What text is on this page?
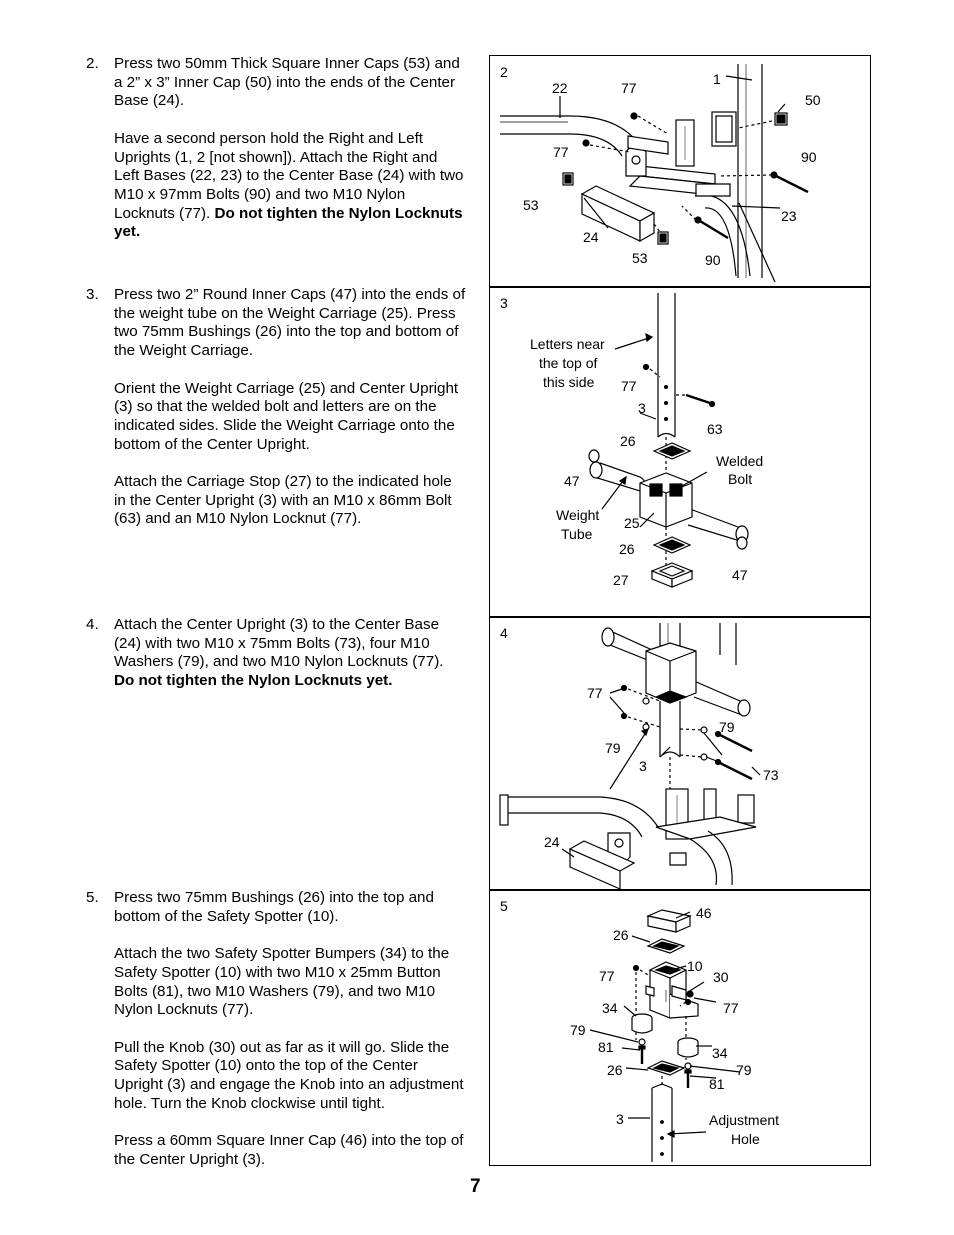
2. Press two 50mm Thick Square Inner Caps (53) and a 2” x 3” Inner Cap (50) into the ends of the Center Base (24).

Have a second person hold the Right and Left Uprights (1, 2 [not shown]). Attach the Right and Left Bases (22, 23) to the Center Base (24) with two M10 x 97mm Bolts (90) and two M10 Nylon Locknuts (77). Do not tighten the Nylon Locknuts yet.

3. Press two 2” Round Inner Caps (47) into the ends of the weight tube on the Weight Carriage (25). Press two 75mm Bushings (26) into the top and bottom of the Weight Carriage.

Orient the Weight Carriage (25) and Center Upright (3) so that the welded bolt and letters are on the indicated sides. Slide the Weight Carriage onto the bottom of the Center Upright.

Attach the Carriage Stop (27) to the indicated hole in the Center Upright (3) with an M10 x 86mm Bolt (63) and an M10 Nylon Locknut (77).

4. Attach the Center Upright (3) to the Center Base (24) with two M10 x 75mm Bolts (73), four M10 Washers (79), and two M10 Nylon Locknuts (77). Do not tighten the Nylon Locknuts yet.

5. Press two 75mm Bushings (26) into the top and bottom of the Safety Spotter (10).

Attach the two Safety Spotter Bumpers (34) to the Safety Spotter (10) with two M10 x 25mm Button Bolts (81), two M10 Washers (79), and two M10 Nylon Locknuts (77).

Pull the Knob (30) out as far as it will go. Slide the Safety Spotter (10) onto the top of the Center Upright (3) and engage the Knob into an adjustment hole. Turn the Knob clockwise until tight.

Press a 60mm Square Inner Cap (46) into the top of the Center Upright (3).

2	1
22	77
50
77	90
53
23
24
53	90
3
Letters near
the top of
this side 77
3
63
26
Welded
Bolt
47
Weight
Tube
25
26
27	47
4
77
79
79
3
73
24
5	46
26
10
77	30
34	77
79
81	34
26	79
81
3	Adjustment
Hole
7
